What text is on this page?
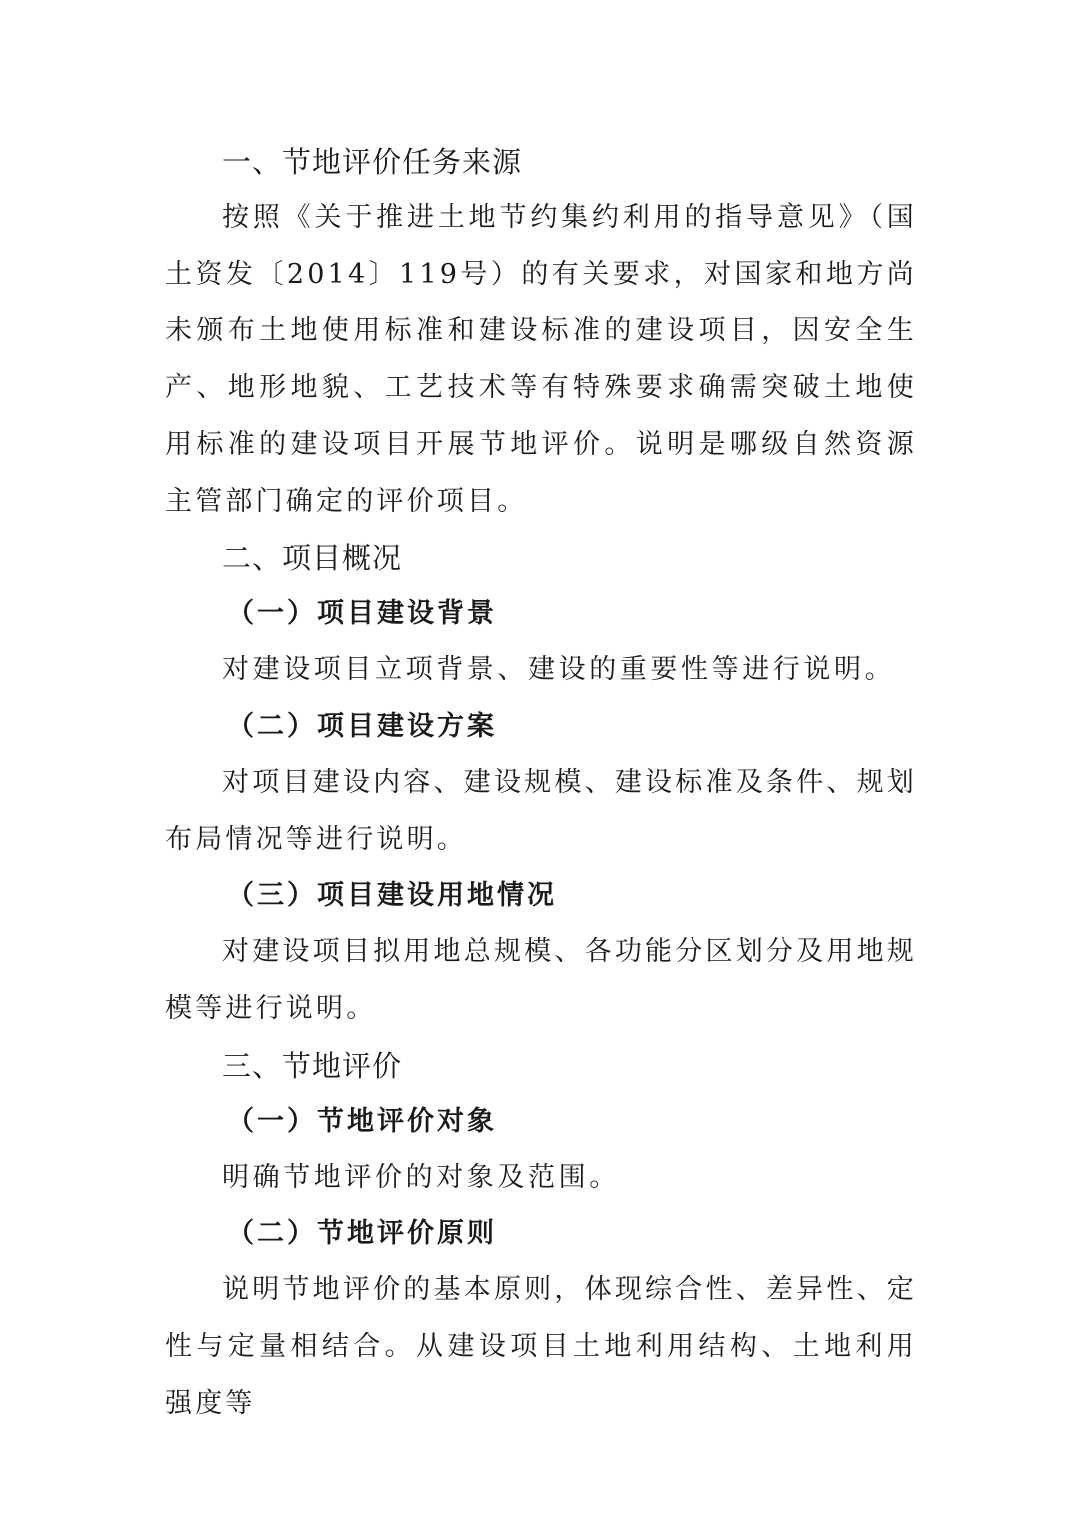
一、节地评价任务来源

按照《关于推进土地节约集约利用的指导意见》（国土资发〔2014〕119号）的有关要求，对国家和地方尚未颁布土地使用标准和建设标准的建设项目，因安全生产、地形地貌、工艺技术等有特殊要求确需突破土地使用标准的建设项目开展节地评价。说明是哪级自然资源主管部门确定的评价项目。

二、项目概况
（一）项目建设背景

对建设项目立项背景、建设的重要性等进行说明。

（二）项目建设方案

对项目建设内容、建设规模、建设标准及条件、规划布局情况等进行说明。

（三）项目建设用地情况

对建设项目拟用地总规模、各功能分区划分及用地规模等进行说明。

三、节地评价
（一）节地评价对象

明确节地评价的对象及范围。

（二）节地评价原则

说明节地评价的基本原则，体现综合性、差异性、定性与定量相结合。从建设项目土地利用结构、土地利用强度等
